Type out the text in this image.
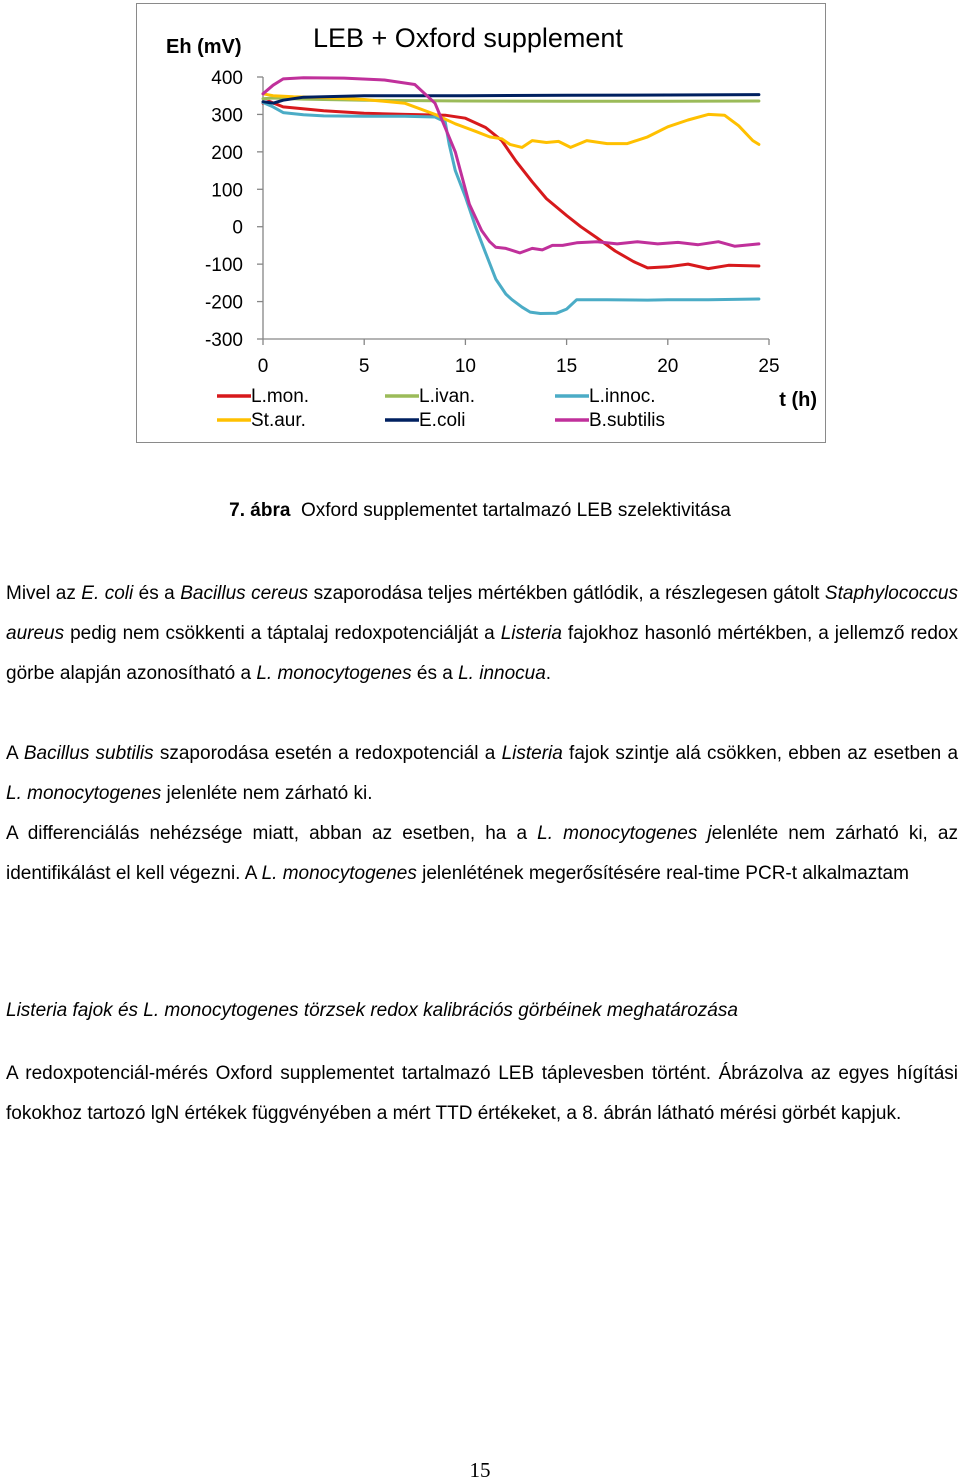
LEB + Oxford supplement
Eh (mV)
t (h)
400
300
200
100
0
-100
-200
-300
0	5	10	15	20	25
L.mon.	L.ivan.	L.innoc.
St.aur.	E.coli	B.subtilis
7. ábra Oxford supplementet tartalmazó LEB szelektivitása
Mivel az E. coli és a Bacillus cereus szaporodása teljes mértékben gátlódik, a részlegesen gátolt Staphylococcus aureus pedig nem csökkenti a táptalaj redoxpotenciálját a Listeria fajokhoz hasonló mértékben, a jellemző redox görbe alapján azonosítható a L. monocytogenes és a L. innocua.
A Bacillus subtilis szaporodása esetén a redoxpotenciál a Listeria fajok szintje alá csökken, ebben az esetben a L. monocytogenes jelenléte nem zárható ki.
A differenciálás nehézsége miatt, abban az esetben, ha a L. monocytogenes jelenléte nem zárható ki, az identifikálást el kell végezni. A L. monocytogenes jelenlétének megerősítésére real-time PCR-t alkalmaztam
Listeria fajok és L. monocytogenes törzsek redox kalibrációs görbéinek meghatározása
A redoxpotenciál-mérés Oxford supplementet tartalmazó LEB táplevesben történt. Ábrázolva az egyes hígítási fokokhoz tartozó lgN értékek függvényében a mért TTD értékeket, a 8. ábrán látható mérési görbét kapjuk.
15
